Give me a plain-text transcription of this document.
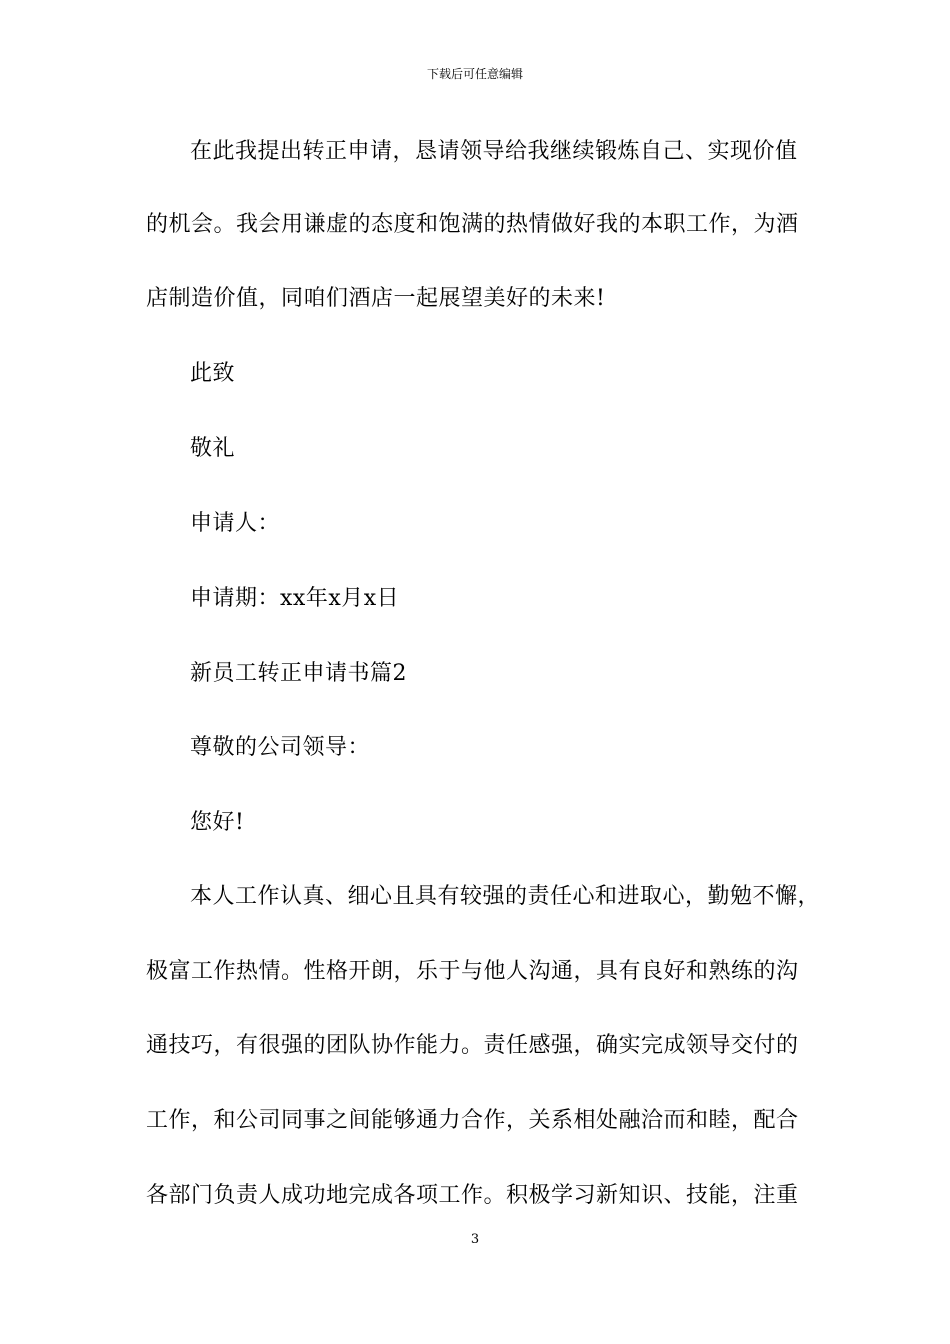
下载后可任意编辑
在此我提出转正申请，恳请领导给我继续锻炼自己、实现价值
的机会。我会用谦虚的态度和饱满的热情做好我的本职工作，为酒
店制造价值，同咱们酒店一起展望美好的未来!
此致
敬礼
申请人：
申请期：xx年x月x日
新员工转正申请书篇2
尊敬的公司领导：
您好!
本人工作认真、细心且具有较强的责任心和进取心，勤勉不懈，
极富工作热情。性格开朗，乐于与他人沟通，具有良好和熟练的沟
通技巧，有很强的团队协作能力。责任感强，确实完成领导交付的
工作，和公司同事之间能够通力合作，关系相处融洽而和睦，配合
各部门负责人成功地完成各项工作。积极学习新知识、技能，注重
3
